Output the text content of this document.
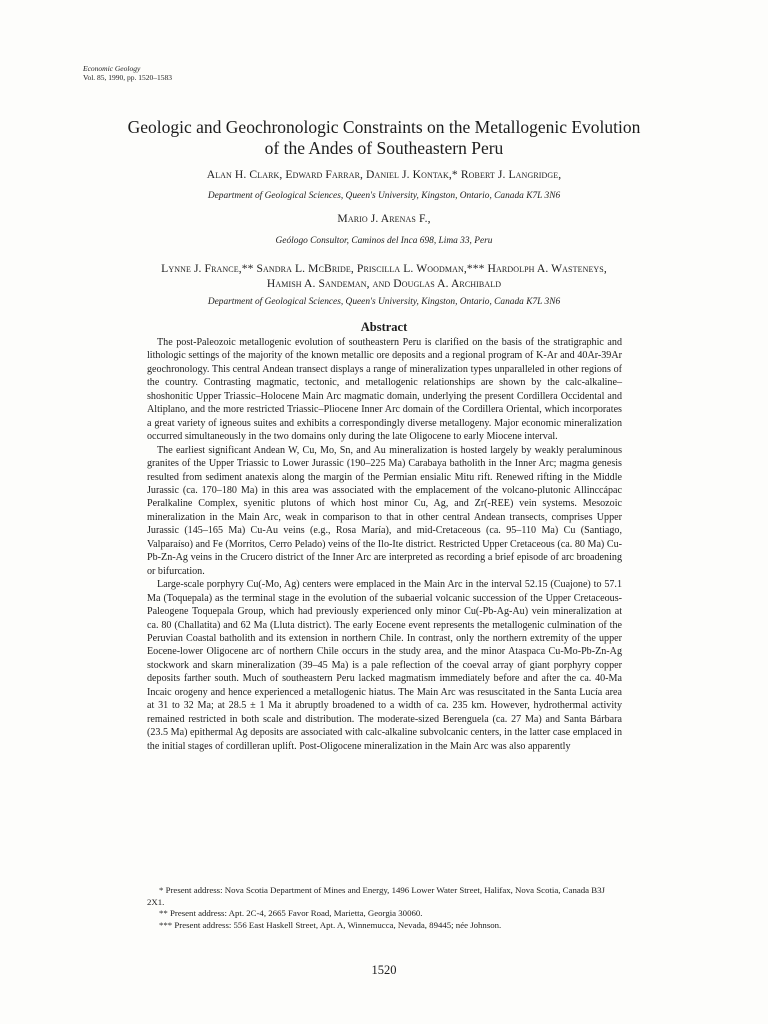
Economic Geology
Vol. 85, 1990, pp. 1520–1583
Geologic and Geochronologic Constraints on the Metallogenic Evolution
of the Andes of Southeastern Peru
Alan H. Clark, Edward Farrar, Daniel J. Kontak,* Robert J. Langridge,
Department of Geological Sciences, Queen's University, Kingston, Ontario, Canada K7L 3N6
Mario J. Arenas F.,
Geólogo Consultor, Caminos del Inca 698, Lima 33, Peru
Lynne J. France,** Sandra L. McBride, Priscilla L. Woodman,*** Hardolph A. Wasteneys,
Hamish A. Sandeman, and Douglas A. Archibald
Department of Geological Sciences, Queen's University, Kingston, Ontario, Canada K7L 3N6
Abstract

The post-Paleozoic metallogenic evolution of southeastern Peru is clarified on the basis of the stratigraphic and lithologic settings of the majority of the known metallic ore deposits and a regional program of K-Ar and 40Ar-39Ar geochronology. This central Andean transect displays a range of mineralization types unparalleled in other regions of the country. Contrasting magmatic, tectonic, and metallogenic relationships are shown by the calc-alkaline–shoshonitic Upper Triassic–Holocene Main Arc magmatic domain, underlying the present Cordillera Occidental and Altiplano, and the more restricted Triassic–Pliocene Inner Arc domain of the Cordillera Oriental, which incorporates a great variety of igneous suites and exhibits a correspondingly diverse metallogeny. Major economic mineralization occurred simultaneously in the two domains only during the late Oligocene to early Miocene interval.

The earliest significant Andean W, Cu, Mo, Sn, and Au mineralization is hosted largely by weakly peraluminous granites of the Upper Triassic to Lower Jurassic (190–225 Ma) Carabaya batholith in the Inner Arc; magma genesis resulted from sediment anatexis along the margin of the Permian ensialic Mitu rift. Renewed rifting in the Middle Jurassic (ca. 170–180 Ma) in this area was associated with the emplacement of the volcano-plutonic Allinccápac Peralkaline Complex, syenitic plutons of which host minor Cu, Ag, and Zr(-REE) vein systems. Mesozoic mineralization in the Main Arc, weak in comparison to that in other central Andean transects, comprises Upper Jurassic (145–165 Ma) Cu-Au veins (e.g., Rosa María), and mid-Cretaceous (ca. 95–110 Ma) Cu (Santiago, Valparaíso) and Fe (Morritos, Cerro Pelado) veins of the Ilo-Ite district. Restricted Upper Cretaceous (ca. 80 Ma) Cu-Pb-Zn-Ag veins in the Crucero district of the Inner Arc are interpreted as recording a brief episode of arc broadening or bifurcation.

Large-scale porphyry Cu(-Mo, Ag) centers were emplaced in the Main Arc in the interval 52.15 (Cuajone) to 57.1 Ma (Toquepala) as the terminal stage in the evolution of the subaerial volcanic succession of the Upper Cretaceous-Paleogene Toquepala Group, which had previously experienced only minor Cu(-Pb-Ag-Au) vein mineralization at ca. 80 (Challatita) and 62 Ma (Lluta district). The early Eocene event represents the metallogenic culmination of the Peruvian Coastal batholith and its extension in northern Chile. In contrast, only the northern extremity of the upper Eocene-lower Oligocene arc of northern Chile occurs in the study area, and the minor Ataspaca Cu-Mo-Pb-Zn-Ag stockwork and skarn mineralization (39–45 Ma) is a pale reflection of the coeval array of giant porphyry copper deposits farther south. Much of southeastern Peru lacked magmatism immediately before and after the ca. 40-Ma Incaic orogeny and hence experienced a metallogenic hiatus. The Main Arc was resuscitated in the Santa Lucía area at 31 to 32 Ma; at 28.5 ± 1 Ma it abruptly broadened to a width of ca. 235 km. However, hydrothermal activity remained restricted in both scale and distribution. The moderate-sized Berenguela (ca. 27 Ma) and Santa Bárbara (23.5 Ma) epithermal Ag deposits are associated with calc-alkaline subvolcanic centers, in the latter case emplaced in the initial stages of cordilleran uplift. Post-Oligocene mineralization in the Main Arc was also apparently

* Present address: Nova Scotia Department of Mines and Energy, 1496 Lower Water Street, Halifax, Nova Scotia, Canada B3J 2X1.
** Present address: Apt. 2C-4, 2665 Favor Road, Marietta, Georgia 30060.
*** Present address: 556 East Haskell Street, Apt. A, Winnemucca, Nevada, 89445; née Johnson.
1520
